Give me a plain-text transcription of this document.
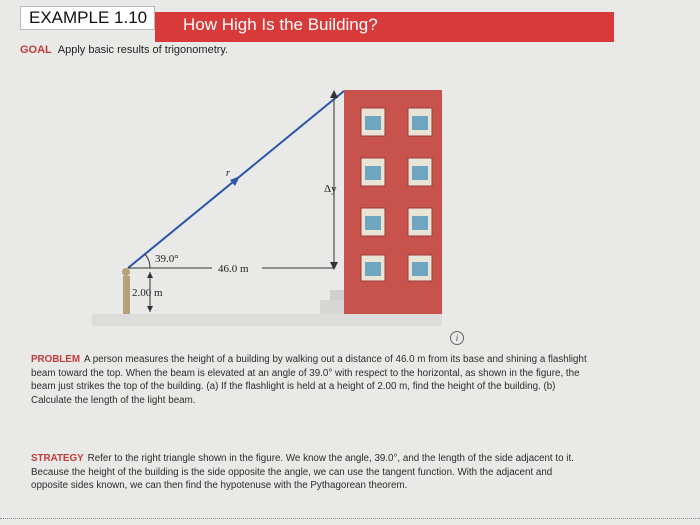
EXAMPLE 1.10	How High Is the Building?
GOAL Apply basic results of trigonometry.
39.0°
46.0 m
2.00 m
r
Δy
i
PROBLEM A person measures the height of a building by walking out a distance of 46.0 m from its base and shining a flashlight beam toward the top. When the beam is elevated at an angle of 39.0° with respect to the horizontal, as shown in the figure, the beam just strikes the top of the building. (a) If the flashlight is held at a height of 2.00 m, find the height of the building. (b) Calculate the length of the light beam.
STRATEGY Refer to the right triangle shown in the figure. We know the angle, 39.0°, and the length of the side adjacent to it. Because the height of the building is the side opposite the angle, we can use the tangent function. With the adjacent and opposite sides known, we can then find the hypotenuse with the Pythagorean theorem.
